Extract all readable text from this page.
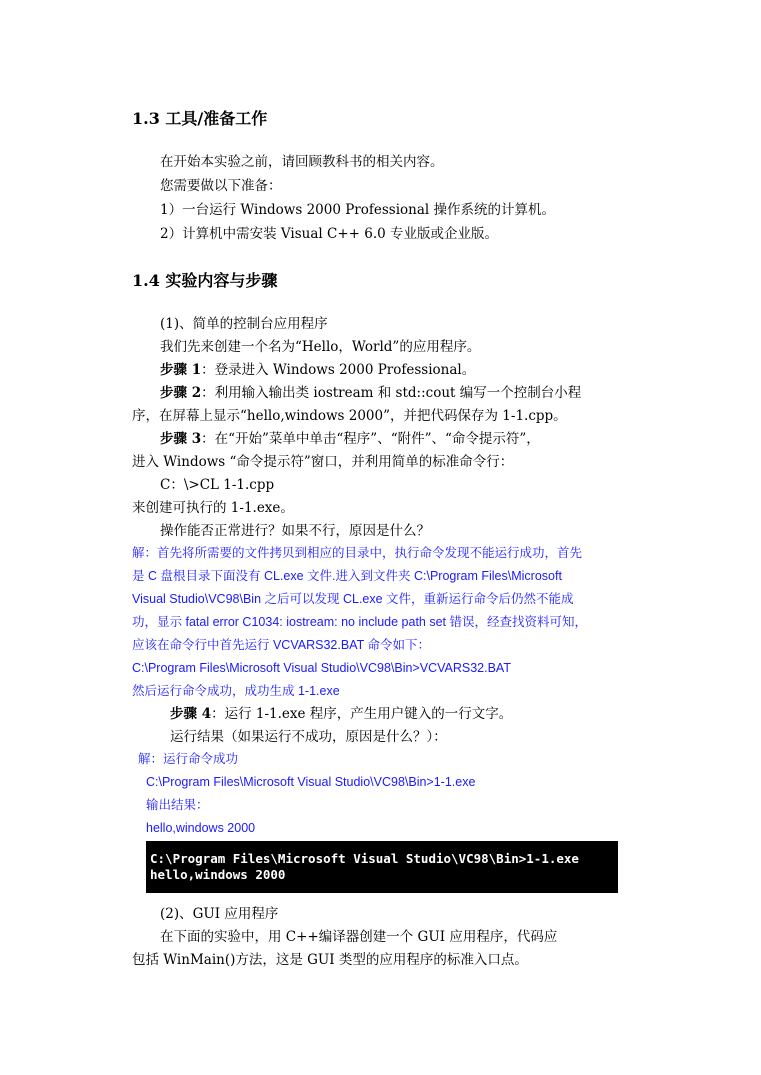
1.3 工具/准备工作
在开始本实验之前，请回顾教科书的相关内容。
您需要做以下准备：
1）一台运行 Windows 2000 Professional 操作系统的计算机。
2）计算机中需安装 Visual C++ 6.0 专业版或企业版。
1.4 实验内容与步骤
(1)、简单的控制台应用程序
我们先来创建一个名为“Hello，World”的应用程序。
步骤 1：登录进入 Windows 2000 Professional。
步骤 2：利用输入输出类 iostream 和 std::cout 编写一个控制台小程
序，在屏幕上显示“hello,windows 2000”，并把代码保存为 1-1.cpp。
步骤 3：在“开始”菜单中单击“程序”、“附件”、“命令提示符”，
进入 Windows “命令提示符”窗口，并利用简单的标准命令行：
C：\>CL 1-1.cpp
来创建可执行的 1-1.exe。
操作能否正常进行？如果不行，原因是什么？
解：首先将所需要的文件拷贝到相应的目录中，执行命令发现不能运行成功，首先
是 C 盘根目录下面没有 CL.exe 文件.进入到文件夹 C:\Program Files\Microsoft
Visual Studio\VC98\Bin 之后可以发现 CL.exe 文件，重新运行命令后仍然不能成
功，显示 fatal error C1034: iostream: no include path set 错误，经查找资料可知，
应该在命令行中首先运行 VCVARS32.BAT 命令如下：
C:\Program Files\Microsoft Visual Studio\VC98\Bin>VCVARS32.BAT
然后运行命令成功，成功生成 1-1.exe
步骤 4：运行 1-1.exe 程序，产生用户键入的一行文字。
运行结果（如果运行不成功，原因是什么？）：
解：运行命令成功
C:\Program Files\Microsoft Visual Studio\VC98\Bin>1-1.exe
输出结果：
hello,windows 2000
C:\Program Files\Microsoft Visual Studio\VC98\Bin>1-1.exe
hello,windows 2000
(2)、GUI 应用程序
在下面的实验中，用 C++编译器创建一个 GUI 应用程序，代码应
包括 WinMain()方法，这是 GUI 类型的应用程序的标准入口点。
